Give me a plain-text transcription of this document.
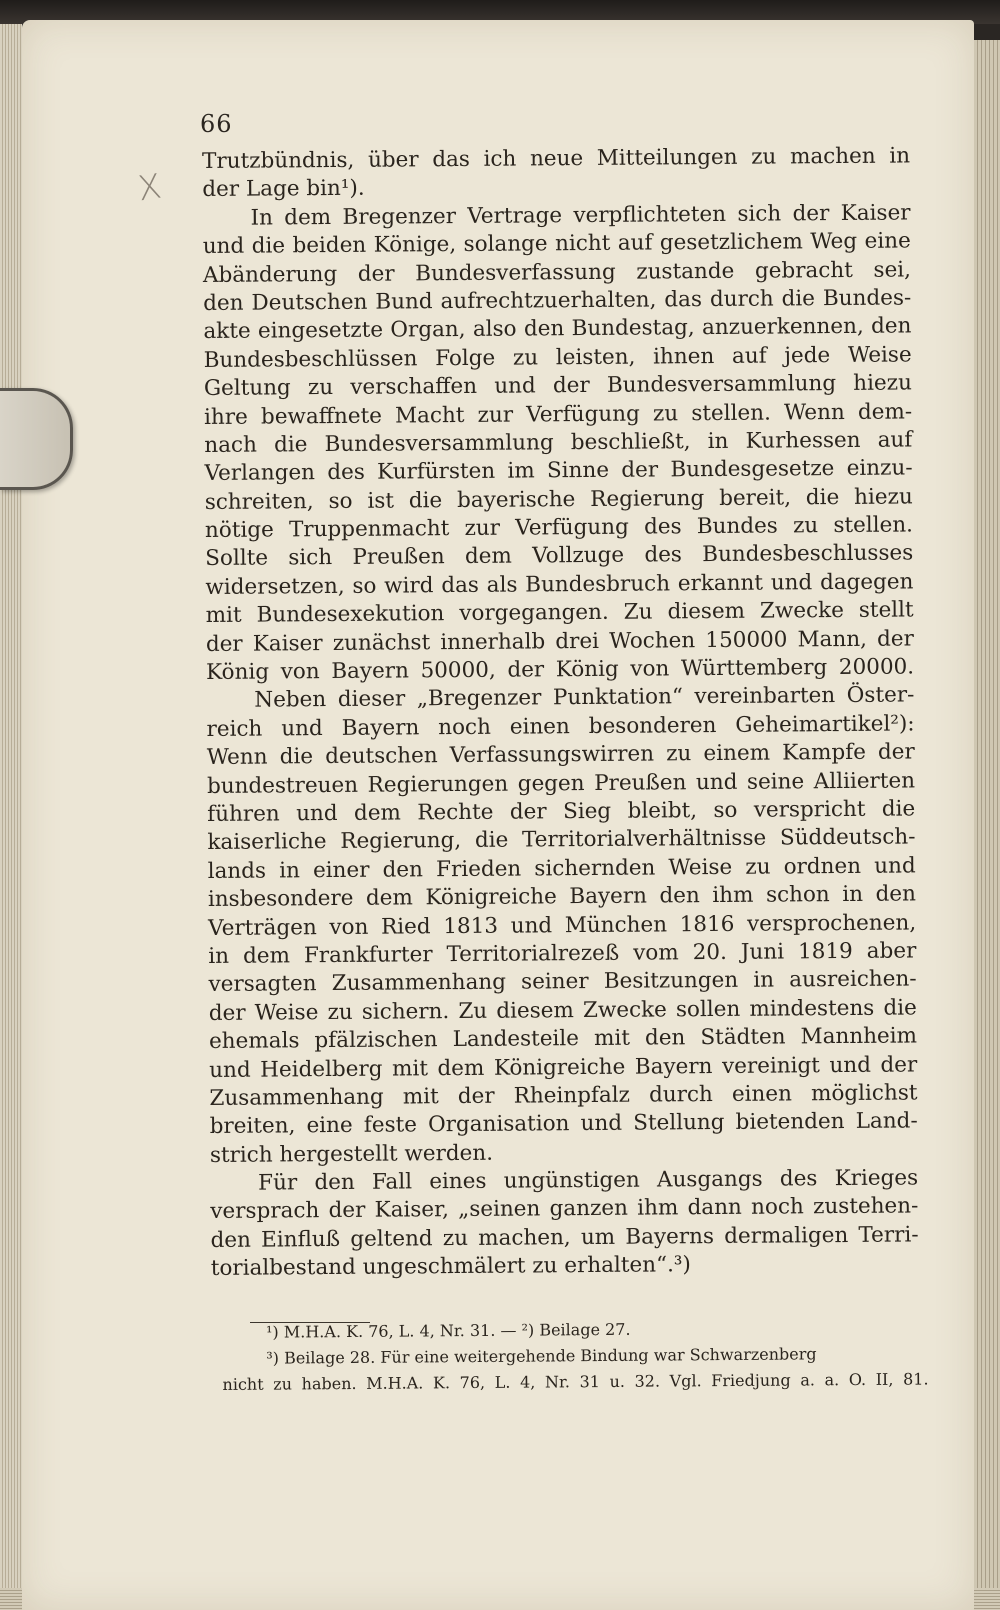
X
66
Trutzbündnis, über das ich neue Mitteilungen zu machen in
der Lage bin¹).
In dem Bregenzer Vertrage verpflichteten sich der Kaiser
und die beiden Könige, solange nicht auf gesetzlichem Weg eine
Abänderung der Bundesverfassung zustande gebracht sei,
den Deutschen Bund aufrechtzuerhalten, das durch die Bundes-
akte eingesetzte Organ, also den Bundestag, anzuerkennen, den
Bundesbeschlüssen Folge zu leisten, ihnen auf jede Weise
Geltung zu verschaffen und der Bundesversammlung hiezu
ihre bewaffnete Macht zur Verfügung zu stellen. Wenn dem-
nach die Bundesversammlung beschließt, in Kurhessen auf
Verlangen des Kurfürsten im Sinne der Bundesgesetze einzu-
schreiten, so ist die bayerische Regierung bereit, die hiezu
nötige Truppenmacht zur Verfügung des Bundes zu stellen.
Sollte sich Preußen dem Vollzuge des Bundesbeschlusses
widersetzen, so wird das als Bundesbruch erkannt und dagegen
mit Bundesexekution vorgegangen. Zu diesem Zwecke stellt
der Kaiser zunächst innerhalb drei Wochen 150000 Mann, der
König von Bayern 50000, der König von Württemberg 20000.
Neben dieser „Bregenzer Punktation“ vereinbarten Öster-
reich und Bayern noch einen besonderen Geheimartikel²):
Wenn die deutschen Verfassungswirren zu einem Kampfe der
bundestreuen Regierungen gegen Preußen und seine Alliierten
führen und dem Rechte der Sieg bleibt, so verspricht die
kaiserliche Regierung, die Territorialverhältnisse Süddeutsch-
lands in einer den Frieden sichernden Weise zu ordnen und
insbesondere dem Königreiche Bayern den ihm schon in den
Verträgen von Ried 1813 und München 1816 versprochenen,
in dem Frankfurter Territorialrezeß vom 20. Juni 1819 aber
versagten Zusammenhang seiner Besitzungen in ausreichen-
der Weise zu sichern. Zu diesem Zwecke sollen mindestens die
ehemals pfälzischen Landesteile mit den Städten Mannheim
und Heidelberg mit dem Königreiche Bayern vereinigt und der
Zusammenhang mit der Rheinpfalz durch einen möglichst
breiten, eine feste Organisation und Stellung bietenden Land-
strich hergestellt werden.
Für den Fall eines ungünstigen Ausgangs des Krieges
versprach der Kaiser, „seinen ganzen ihm dann noch zustehen-
den Einfluß geltend zu machen, um Bayerns dermaligen Terri-
torialbestand ungeschmälert zu erhalten“.³)
¹) M.H.A. K. 76, L. 4, Nr. 31. — ²) Beilage 27.
³) Beilage 28. Für eine weitergehende Bindung war Schwarzenberg
nicht zu haben. M.H.A. K. 76, L. 4, Nr. 31 u. 32. Vgl. Friedjung a. a. O. II, 81.
